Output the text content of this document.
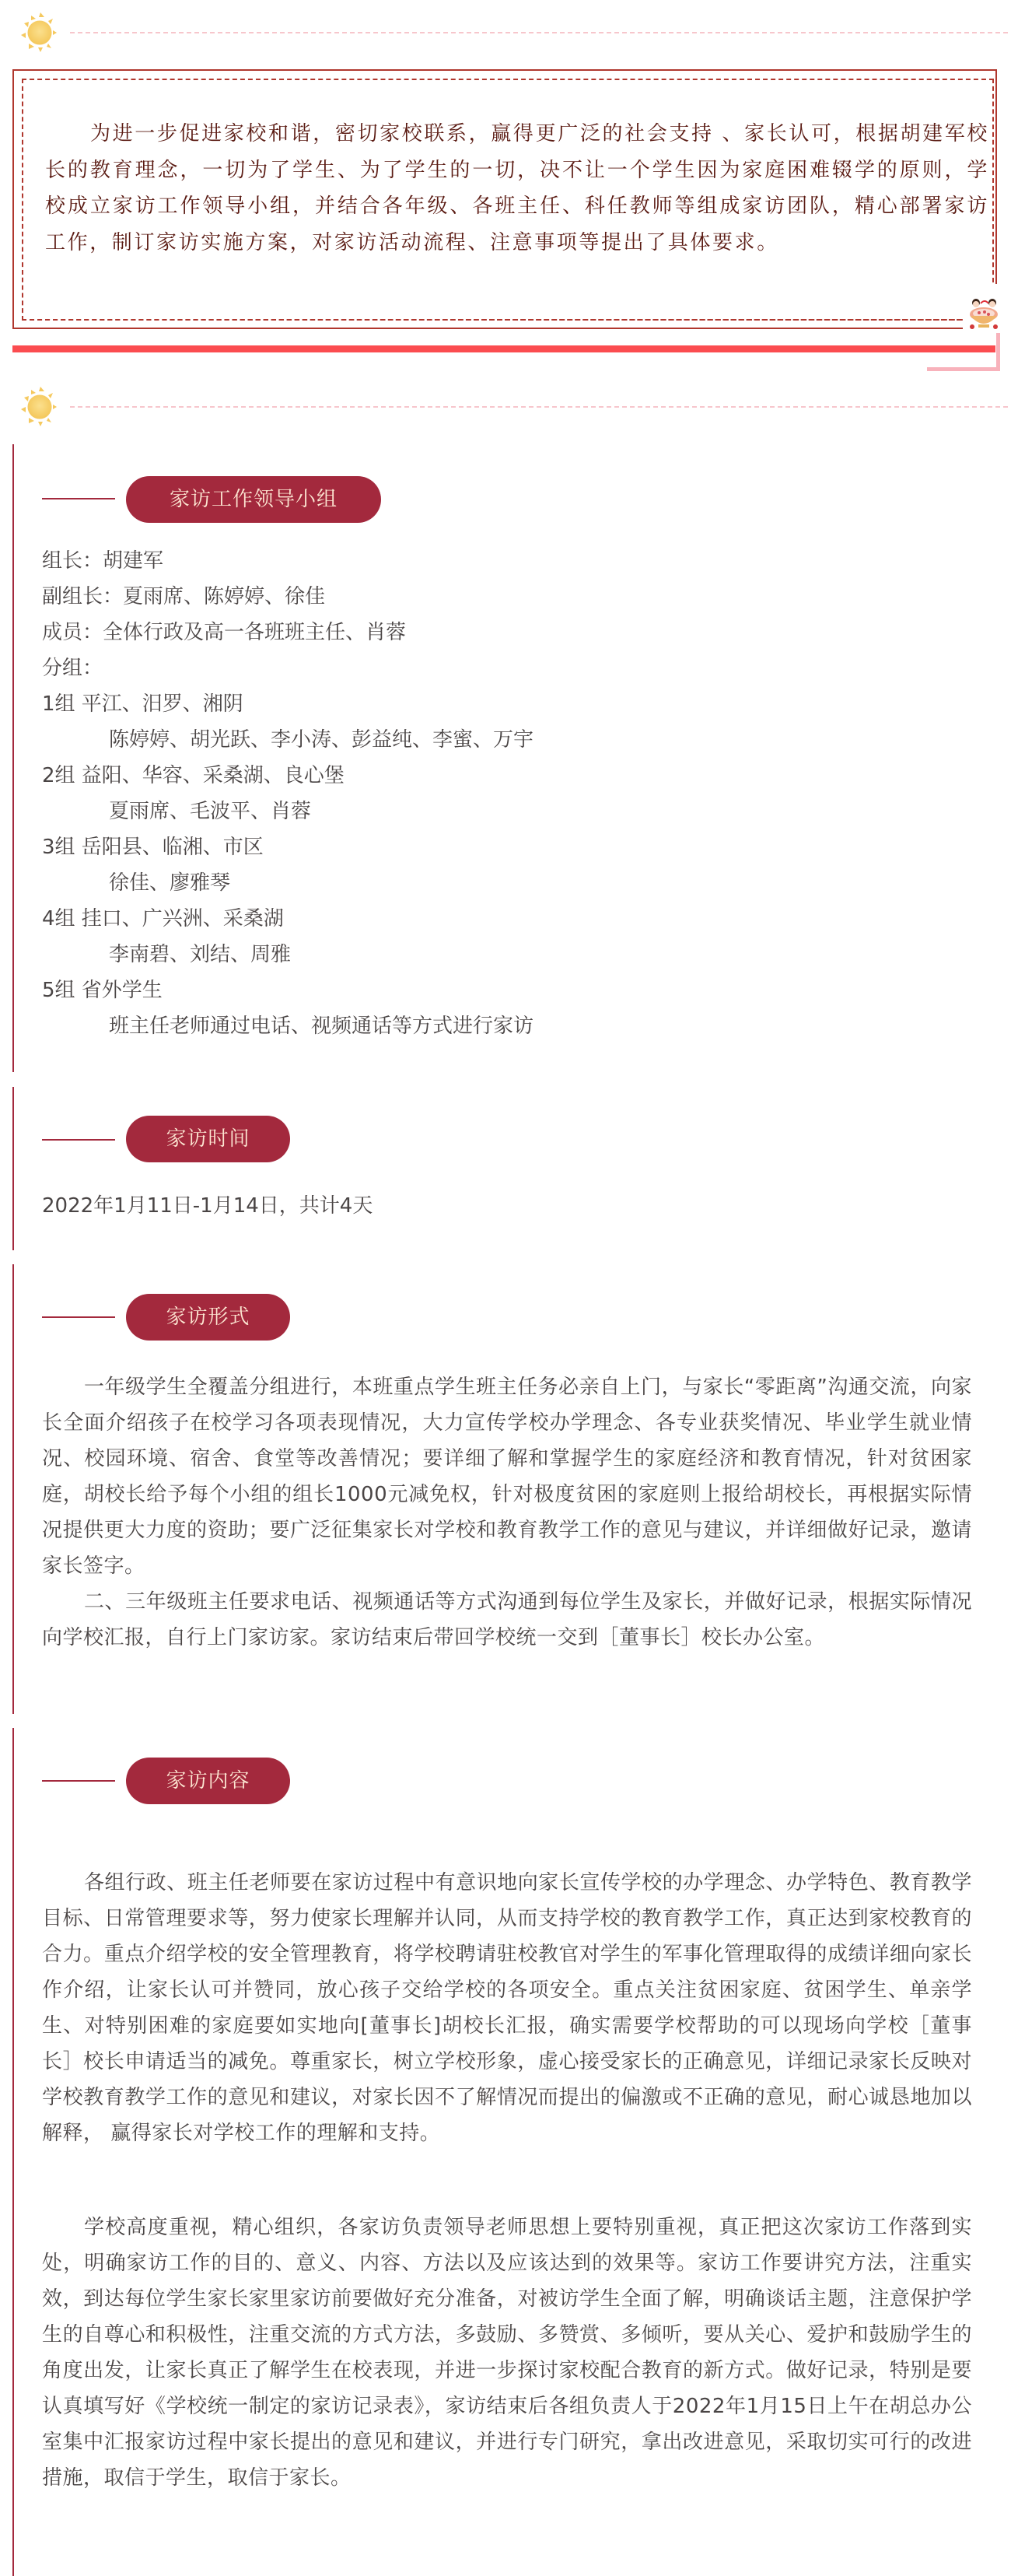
为进一步促进家校和谐，密切家校联系，赢得更广泛的社会支持 、家长认可，根据胡建军校长的教育理念，一切为了学生、为了学生的一切，决不让一个学生因为家庭困难辍学的原则，学校成立家访工作领导小组，并结合各年级、各班主任、科任教师等组成家访团队，精心部署家访工作，制订家访实施方案，对家访活动流程、注意事项等提出了具体要求。
家访工作领导小组
组长：胡建军
副组长：夏雨席、陈婷婷、徐佳
成员：全体行政及高一各班班主任、肖蓉
分组：
1组 平江、汨罗、湘阴
陈婷婷、胡光跃、李小涛、彭益纯、李蜜、万宇
2组 益阳、华容、采桑湖、良心堡
夏雨席、毛波平、肖蓉
3组 岳阳县、临湘、市区
徐佳、廖雅琴
4组 挂口、广兴洲、采桑湖
李南碧、刘结、周雅
5组 省外学生
班主任老师通过电话、视频通话等方式进行家访
家访时间
2022年1月11日-1月14日，共计4天
家访形式
一年级学生全覆盖分组进行，本班重点学生班主任务必亲自上门，与家长“零距离”沟通交流，向家长全面介绍孩子在校学习各项表现情况，大力宣传学校办学理念、各专业获奖情况、毕业学生就业情况、校园环境、宿舍、食堂等改善情况；要详细了解和掌握学生的家庭经济和教育情况，针对贫困家庭，胡校长给予每个小组的组长1000元减免权，针对极度贫困的家庭则上报给胡校长，再根据实际情况提供更大力度的资助；要广泛征集家长对学校和教育教学工作的意见与建议，并详细做好记录，邀请家长签字。
二、三年级班主任要求电话、视频通话等方式沟通到每位学生及家长，并做好记录，根据实际情况向学校汇报，自行上门家访家。家访结束后带回学校统一交到［董事长］校长办公室。
家访内容
各组行政、班主任老师要在家访过程中有意识地向家长宣传学校的办学理念、办学特色、教育教学目标、日常管理要求等，努力使家长理解并认同，从而支持学校的教育教学工作，真正达到家校教育的合力。重点介绍学校的安全管理教育，将学校聘请驻校教官对学生的军事化管理取得的成绩详细向家长作介绍，让家长认可并赞同，放心孩子交给学校的各项安全。重点关注贫困家庭、贫困学生、单亲学生、对特别困难的家庭要如实地向[董事长]胡校长汇报，确实需要学校帮助的可以现场向学校［董事长］校长申请适当的减免。尊重家长，树立学校形象，虚心接受家长的正确意见，详细记录家长反映对学校教育教学工作的意见和建议，对家长因不了解情况而提出的偏激或不正确的意见，耐心诚恳地加以解释， 赢得家长对学校工作的理解和支持。
学校高度重视，精心组织，各家访负责领导老师思想上要特别重视，真正把这次家访工作落到实处，明确家访工作的目的、意义、内容、方法以及应该达到的效果等。家访工作要讲究方法，注重实效，到达每位学生家长家里家访前要做好充分准备，对被访学生全面了解，明确谈话主题，注意保护学生的自尊心和积极性，注重交流的方式方法，多鼓励、多赞赏、多倾听，要从关心、爱护和鼓励学生的角度出发，让家长真正了解学生在校表现，并进一步探讨家校配合教育的新方式。做好记录，特别是要认真填写好《学校统一制定的家访记录表》，家访结束后各组负责人于2022年1月15日上午在胡总办公室集中汇报家访过程中家长提出的意见和建议，并进行专门研究，拿出改进意见，采取切实可行的改进措施，取信于学生，取信于家长。
